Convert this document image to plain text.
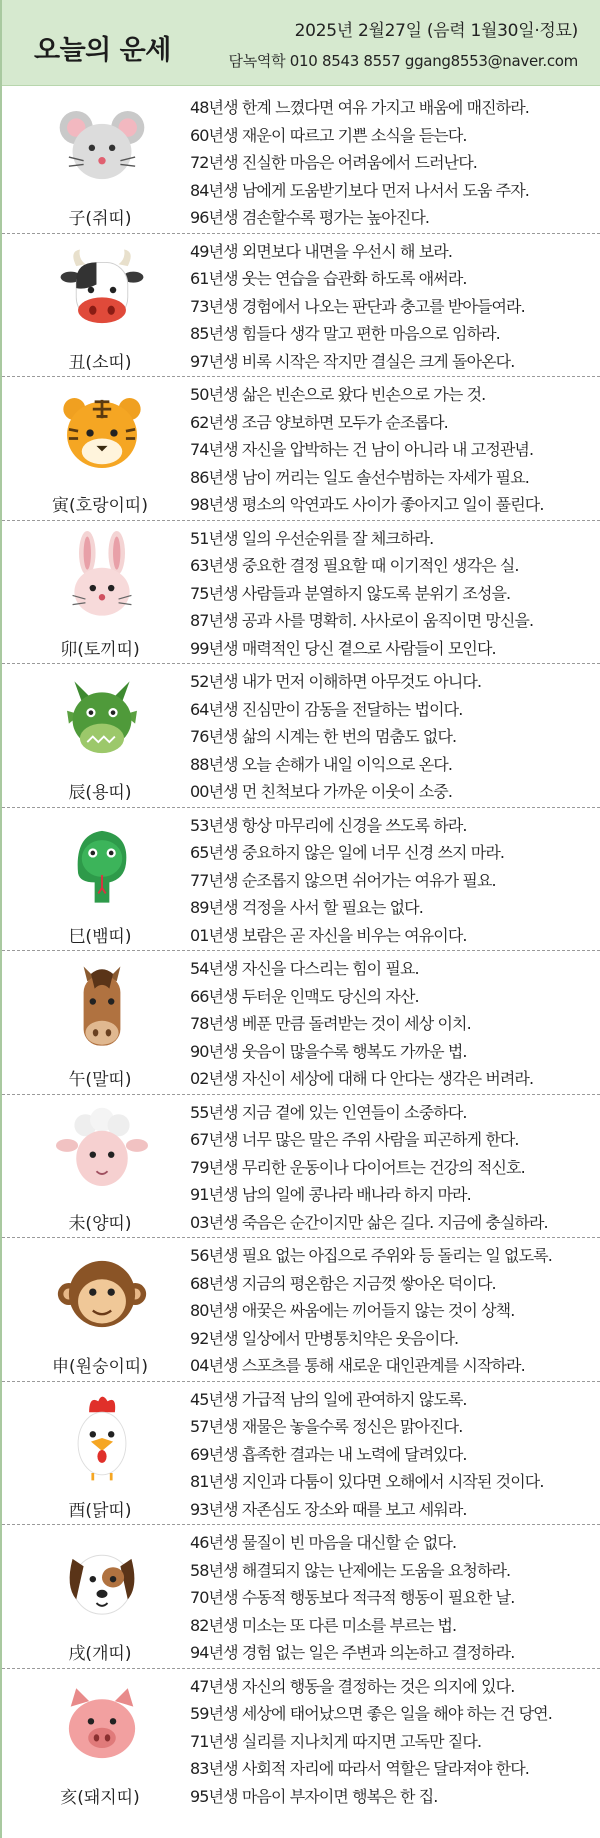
오늘의 운세
2025년 2월27일 (음력 1월30일·정묘)
담녹역학 010 8543 8557 ggang8553@naver.com
子(쥐띠)
48년생 한계 느꼈다면 여유 가지고 배움에 매진하라.
60년생 재운이 따르고 기쁜 소식을 듣는다.
72년생 진실한 마음은 어려움에서 드러난다.
84년생 남에게 도움받기보다 먼저 나서서 도움 주자.
96년생 겸손할수록 평가는 높아진다.
丑(소띠)
49년생 외면보다 내면을 우선시 해 보라.
61년생 웃는 연습을 습관화 하도록 애써라.
73년생 경험에서 나오는 판단과 충고를 받아들여라.
85년생 힘들다 생각 말고 편한 마음으로 임하라.
97년생 비록 시작은 작지만 결실은 크게 돌아온다.
寅(호랑이띠)
50년생 삶은 빈손으로 왔다 빈손으로 가는 것.
62년생 조금 양보하면 모두가 순조롭다.
74년생 자신을 압박하는 건 남이 아니라 내 고정관념.
86년생 남이 꺼리는 일도 솔선수범하는 자세가 필요.
98년생 평소의 악연과도 사이가 좋아지고 일이 풀린다.
卯(토끼띠)
51년생 일의 우선순위를 잘 체크하라.
63년생 중요한 결정 필요할 때 이기적인 생각은 실.
75년생 사람들과 분열하지 않도록 분위기 조성을.
87년생 공과 사를 명확히. 사사로이 움직이면 망신을.
99년생 매력적인 당신 곁으로 사람들이 모인다.
辰(용띠)
52년생 내가 먼저 이해하면 아무것도 아니다.
64년생 진심만이 감동을 전달하는 법이다.
76년생 삶의 시계는 한 번의 멈춤도 없다.
88년생 오늘 손해가 내일 이익으로 온다.
00년생 먼 친척보다 가까운 이웃이 소중.
巳(뱀띠)
53년생 항상 마무리에 신경을 쓰도록 하라.
65년생 중요하지 않은 일에 너무 신경 쓰지 마라.
77년생 순조롭지 않으면 쉬어가는 여유가 필요.
89년생 걱정을 사서 할 필요는 없다.
01년생 보람은 곧 자신을 비우는 여유이다.
午(말띠)
54년생 자신을 다스리는 힘이 필요.
66년생 두터운 인맥도 당신의 자산.
78년생 베푼 만큼 돌려받는 것이 세상 이치.
90년생 웃음이 많을수록 행복도 가까운 법.
02년생 자신이 세상에 대해 다 안다는 생각은 버려라.
未(양띠)
55년생 지금 곁에 있는 인연들이 소중하다.
67년생 너무 많은 말은 주위 사람을 피곤하게 한다.
79년생 무리한 운동이나 다이어트는 건강의 적신호.
91년생 남의 일에 콩나라 배나라 하지 마라.
03년생 죽음은 순간이지만 삶은 길다. 지금에 충실하라.
申(원숭이띠)
56년생 필요 없는 아집으로 주위와 등 돌리는 일 없도록.
68년생 지금의 평온함은 지금껏 쌓아온 덕이다.
80년생 애꿎은 싸움에는 끼어들지 않는 것이 상책.
92년생 일상에서 만병통치약은 웃음이다.
04년생 스포츠를 통해 새로운 대인관계를 시작하라.
酉(닭띠)
45년생 가급적 남의 일에 관여하지 않도록.
57년생 재물은 놓을수록 정신은 맑아진다.
69년생 흡족한 결과는 내 노력에 달려있다.
81년생 지인과 다툼이 있다면 오해에서 시작된 것이다.
93년생 자존심도 장소와 때를 보고 세워라.
戌(개띠)
46년생 물질이 빈 마음을 대신할 순 없다.
58년생 해결되지 않는 난제에는 도움을 요청하라.
70년생 수동적 행동보다 적극적 행동이 필요한 날.
82년생 미소는 또 다른 미소를 부르는 법.
94년생 경험 없는 일은 주변과 의논하고 결정하라.
亥(돼지띠)
47년생 자신의 행동을 결정하는 것은 의지에 있다.
59년생 세상에 태어났으면 좋은 일을 해야 하는 건 당연.
71년생 실리를 지나치게 따지면 고독만 짙다.
83년생 사회적 자리에 따라서 역할은 달라져야 한다.
95년생 마음이 부자이면 행복은 한 집.
